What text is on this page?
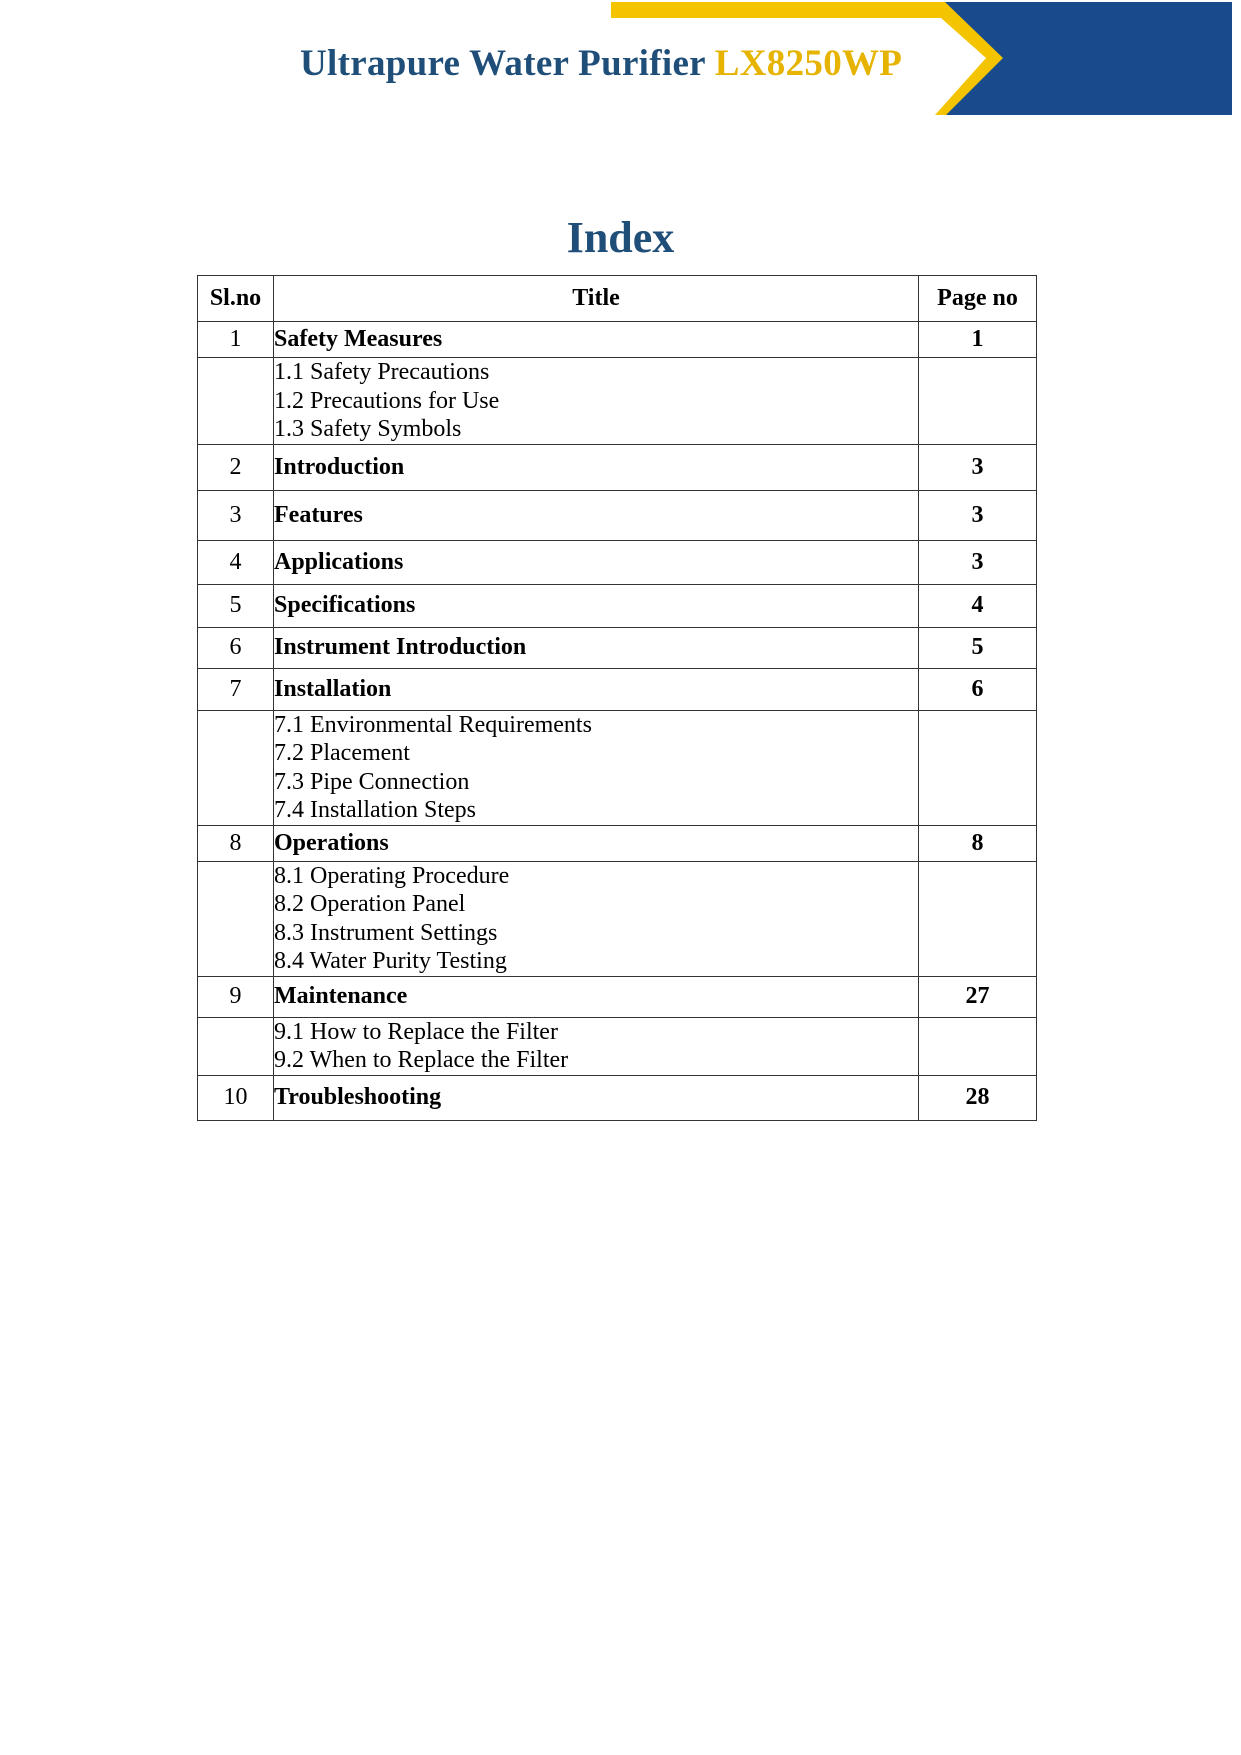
Ultrapure Water Purifier LX8250WP
Index
Sl.no	Title	Page no
1	Safety Measures	1

	1.1 Safety Precautions
1.2 Precautions for Use
1.3 Safety Symbols	

2	Introduction	3
3	Features	3
4	Applications	3
5	Specifications	4
6	Instrument Introduction	5
7	Installation	6

	7.1 Environmental Requirements
7.2 Placement
7.3 Pipe Connection
7.4 Installation Steps	

8	Operations	8

	8.1 Operating Procedure
8.2 Operation Panel
8.3 Instrument Settings
8.4 Water Purity Testing	

9	Maintenance	27

	9.1 How to Replace the Filter
9.2 When to Replace the Filter	

10	Troubleshooting	28
